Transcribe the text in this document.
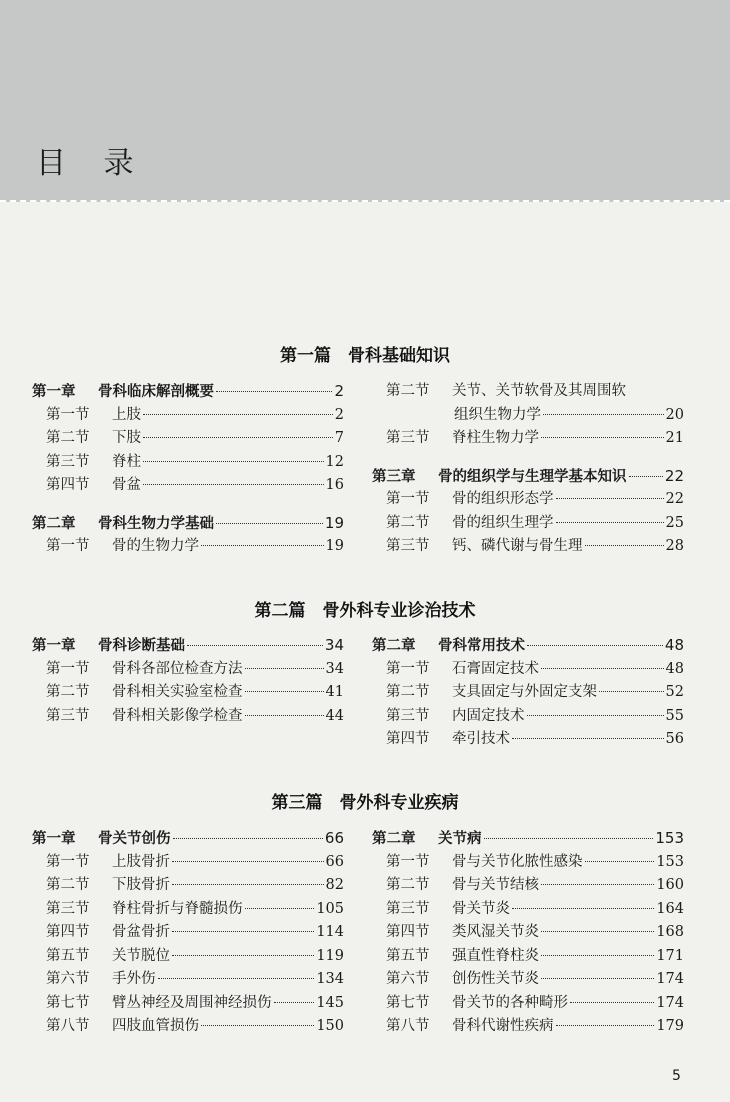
目 录
第一篇　骨科基础知识
第一章	骨科临床解剖概要	2
第一节	上肢	2
第二节	下肢	7
第三节	脊柱	12
第四节	骨盆	16
第二章	骨科生物力学基础	19
第一节	骨的生物力学	19
第二节	关节、关节软骨及其周围软
组织生物力学	20
第三节	脊柱生物力学	21
第三章	骨的组织学与生理学基本知识	22
第一节	骨的组织形态学	22
第二节	骨的组织生理学	25
第三节	钙、磷代谢与骨生理	28
第二篇　骨外科专业诊治技术
第一章	骨科诊断基础	34
第一节	骨科各部位检查方法	34
第二节	骨科相关实验室检查	41
第三节	骨科相关影像学检查	44
第二章	骨科常用技术	48
第一节	石膏固定技术	48
第二节	支具固定与外固定支架	52
第三节	内固定技术	55
第四节	牵引技术	56
第三篇　骨外科专业疾病
第一章	骨关节创伤	66
第一节	上肢骨折	66
第二节	下肢骨折	82
第三节	脊柱骨折与脊髓损伤	105
第四节	骨盆骨折	114
第五节	关节脱位	119
第六节	手外伤	134
第七节	臂丛神经及周围神经损伤	145
第八节	四肢血管损伤	150
第二章	关节病	153
第一节	骨与关节化脓性感染	153
第二节	骨与关节结核	160
第三节	骨关节炎	164
第四节	类风湿关节炎	168
第五节	强直性脊柱炎	171
第六节	创伤性关节炎	174
第七节	骨关节的各种畸形	174
第八节	骨科代谢性疾病	179
5
